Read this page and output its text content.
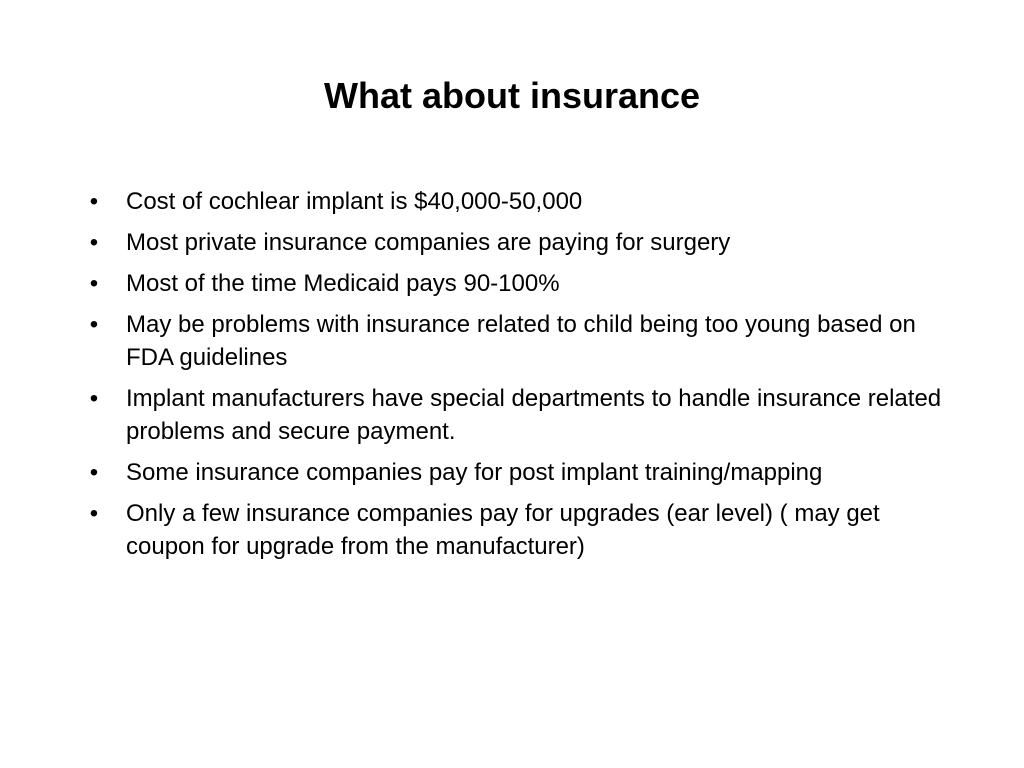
What about insurance
• Cost of cochlear implant is $40,000-50,000
• Most private insurance companies are paying for surgery
• Most of the time Medicaid pays 90-100%
• May be problems with insurance related to child being too young based on FDA guidelines
• Implant manufacturers have special departments to handle insurance related problems and secure payment.
• Some insurance companies pay for post implant training/mapping
• Only a few insurance companies pay for upgrades (ear level) ( may get coupon for upgrade from the manufacturer)
